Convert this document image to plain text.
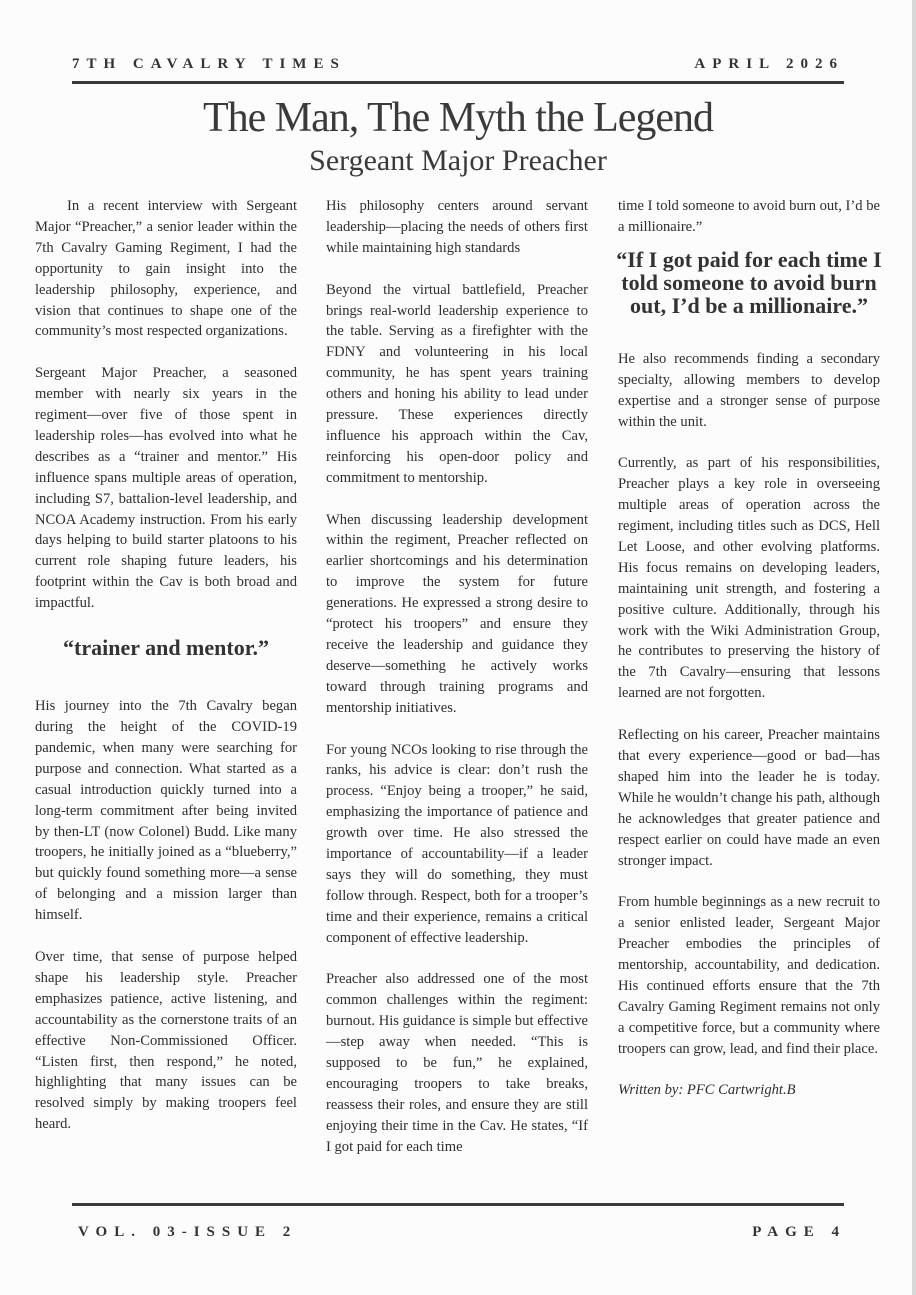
7TH CAVALRY TIMES	APRIL 2026
The Man, The Myth the Legend
Sergeant Major Preacher

In a recent interview with Sergeant Major “Preacher,” a senior leader within the 7th Cavalry Gaming Regiment, I had the opportunity to gain insight into the leadership philosophy, experience, and vision that continues to shape one of the community’s most respected organizations.

Sergeant Major Preacher, a seasoned member with nearly six years in the regiment—over five of those spent in leadership roles—has evolved into what he describes as a “trainer and mentor.” His influence spans multiple areas of operation, including S7, battalion-level leadership, and NCOA Academy instruction. From his early days helping to build starter platoons to his current role shaping future leaders, his footprint within the Cav is both broad and impactful.

“trainer and mentor.”

His journey into the 7th Cavalry began during the height of the COVID-19 pandemic, when many were searching for purpose and connection. What started as a casual introduction quickly turned into a long-term commitment after being invited by then-LT (now Colonel) Budd. Like many troopers, he initially joined as a “blueberry,” but quickly found something more—a sense of belonging and a mission larger than himself.

Over time, that sense of purpose helped shape his leadership style. Preacher emphasizes patience, active listening, and accountability as the cornerstone traits of an effective Non-Commissioned Officer. “Listen first, then respond,” he noted, highlighting that many issues can be resolved simply by making troopers feel heard.

His philosophy centers around servant leadership—placing the needs of others first while maintaining high standards

Beyond the virtual battlefield, Preacher brings real-world leadership experience to the table. Serving as a firefighter with the FDNY and volunteering in his local community, he has spent years training others and honing his ability to lead under pressure. These experiences directly influence his approach within the Cav, reinforcing his open-door policy and commitment to mentorship.

When discussing leadership development within the regiment, Preacher reflected on earlier shortcomings and his determination to improve the system for future generations. He expressed a strong desire to “protect his troopers” and ensure they receive the leadership and guidance they deserve—something he actively works toward through training programs and mentorship initiatives.

For young NCOs looking to rise through the ranks, his advice is clear: don’t rush the process. “Enjoy being a trooper,” he said, emphasizing the importance of patience and growth over time. He also stressed the importance of accountability—if a leader says they will do something, they must follow through. Respect, both for a trooper’s time and their experience, remains a critical component of effective leadership.

Preacher also addressed one of the most common challenges within the regiment: burnout. His guidance is simple but effective—step away when needed. “This is supposed to be fun,” he explained, encouraging troopers to take breaks, reassess their roles, and ensure they are still enjoying their time in the Cav. He states, “If I got paid for each time

time I told someone to avoid burn out, I’d be a millionaire.”

“If I got paid for each time I told someone to avoid burn out, I’d be a millionaire.”

He also recommends finding a secondary specialty, allowing members to develop expertise and a stronger sense of purpose within the unit.

Currently, as part of his responsibilities, Preacher plays a key role in overseeing multiple areas of operation across the regiment, including titles such as DCS, Hell Let Loose, and other evolving platforms. His focus remains on developing leaders, maintaining unit strength, and fostering a positive culture. Additionally, through his work with the Wiki Administration Group, he contributes to preserving the history of the 7th Cavalry—ensuring that lessons learned are not forgotten.

Reflecting on his career, Preacher maintains that every experience—good or bad—has shaped him into the leader he is today. While he wouldn’t change his path, although he acknowledges that greater patience and respect earlier on could have made an even stronger impact.

From humble beginnings as a new recruit to a senior enlisted leader, Sergeant Major Preacher embodies the principles of mentorship, accountability, and dedication. His continued efforts ensure that the 7th Cavalry Gaming Regiment remains not only a competitive force, but a community where troopers can grow, lead, and find their place.

Written by: PFC Cartwright.B

VOL. 03-ISSUE 2	PAGE 4
